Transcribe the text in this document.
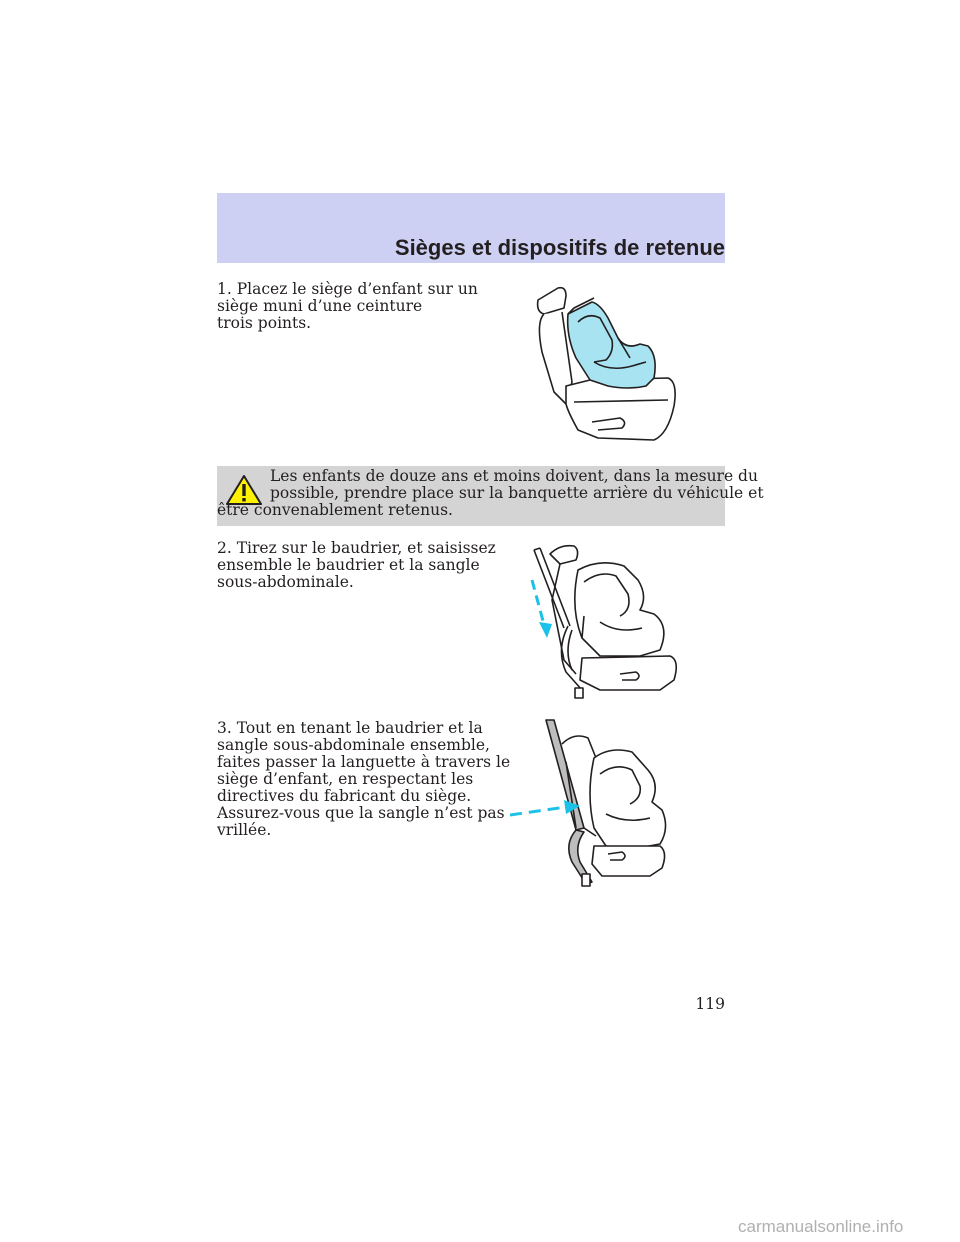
Sièges et dispositifs de retenue
1. Placez le siège d’enfant sur un
siège muni d’une ceinture
trois points.
Les enfants de douze ans et moins doivent, dans la mesure du
possible, prendre place sur la banquette arrière du véhicule et
être convenablement retenus.
2. Tirez sur le baudrier, et saisissez
ensemble le baudrier et la sangle
sous-abdominale.
3. Tout en tenant le baudrier et la
sangle sous-abdominale ensemble,
faites passer la languette à travers le
siège d’enfant, en respectant les
directives du fabricant du siège.
Assurez-vous que la sangle n’est pas
vrillée.
119
carmanualsonline.info
